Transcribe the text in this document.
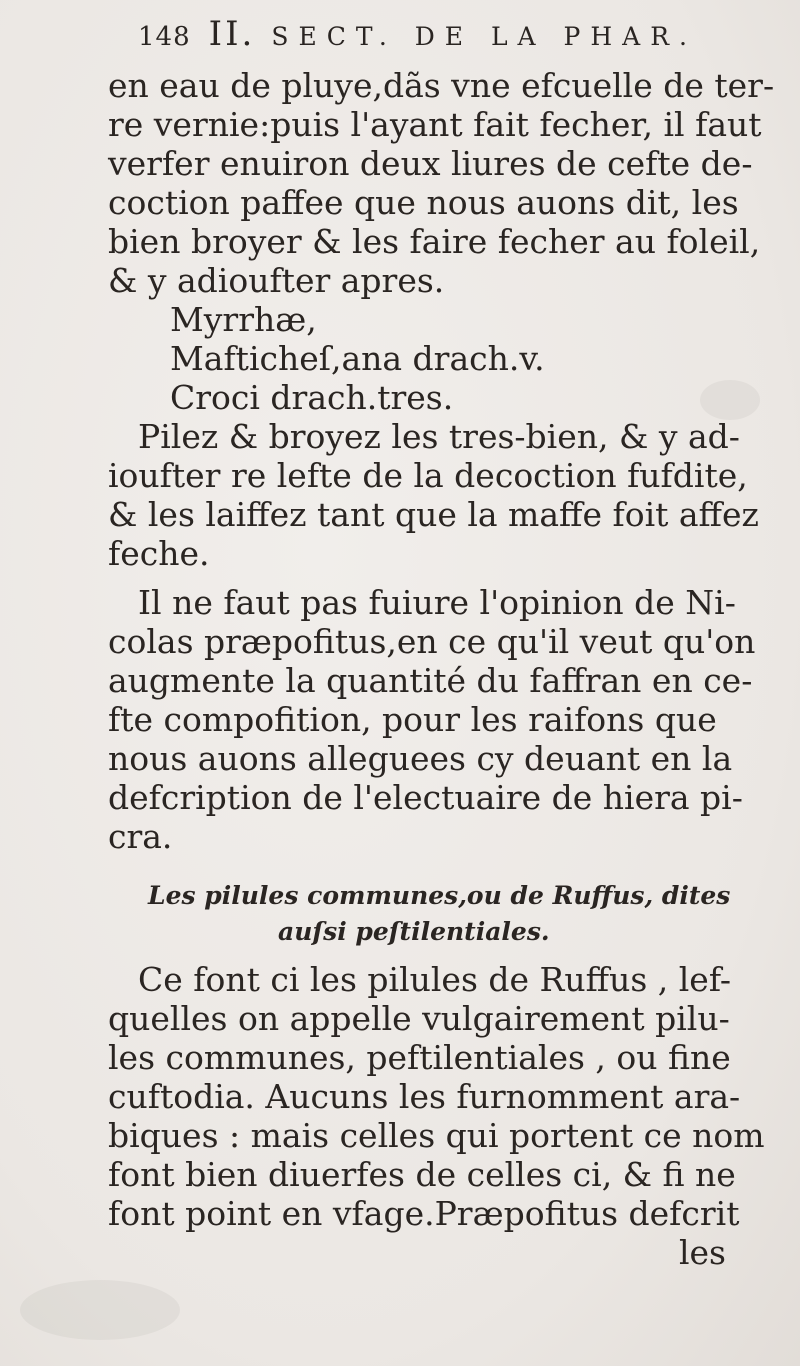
148 II. SECT. DE LA PHAR.
en eau de pluye,dãs vne efcuelle de ter-
re vernie:puis l'ayant fait fecher, il faut
verfer enuiron deux liures de cefte de-
coction paffee que nous auons dit, les
bien broyer & les faire fecher au foleil,
& y adioufter apres.
Myrrhæ,
Mafticheſ,ana drach.v.
Croci drach.tres.
Pilez & broyez les tres-bien, & y ad-
ioufter re lefte de la decoction fufdite,
& les laiffez tant que la maffe foit affez
feche.
Il ne faut pas fuiure l'opinion de Ni-
colas præpofitus,en ce qu'il veut qu'on
augmente la quantité du faffran en ce-
fte compofition, pour les raifons que
nous auons alleguees cy deuant en la
defcription de l'electuaire de hiera pi-
cra.
Les pilules communes,ou de Ruffus, dites
auſsi peſtilentiales.
Ce font ci les pilules de Ruffus , lef-
quelles on appelle vulgairement pilu-
les communes, peftilentiales , ou fine
cuftodia. Aucuns les furnomment ara-
biques : mais celles qui portent ce nom
font bien diuerfes de celles ci, & fi ne
font point en vfage.Præpofitus defcrit
les
